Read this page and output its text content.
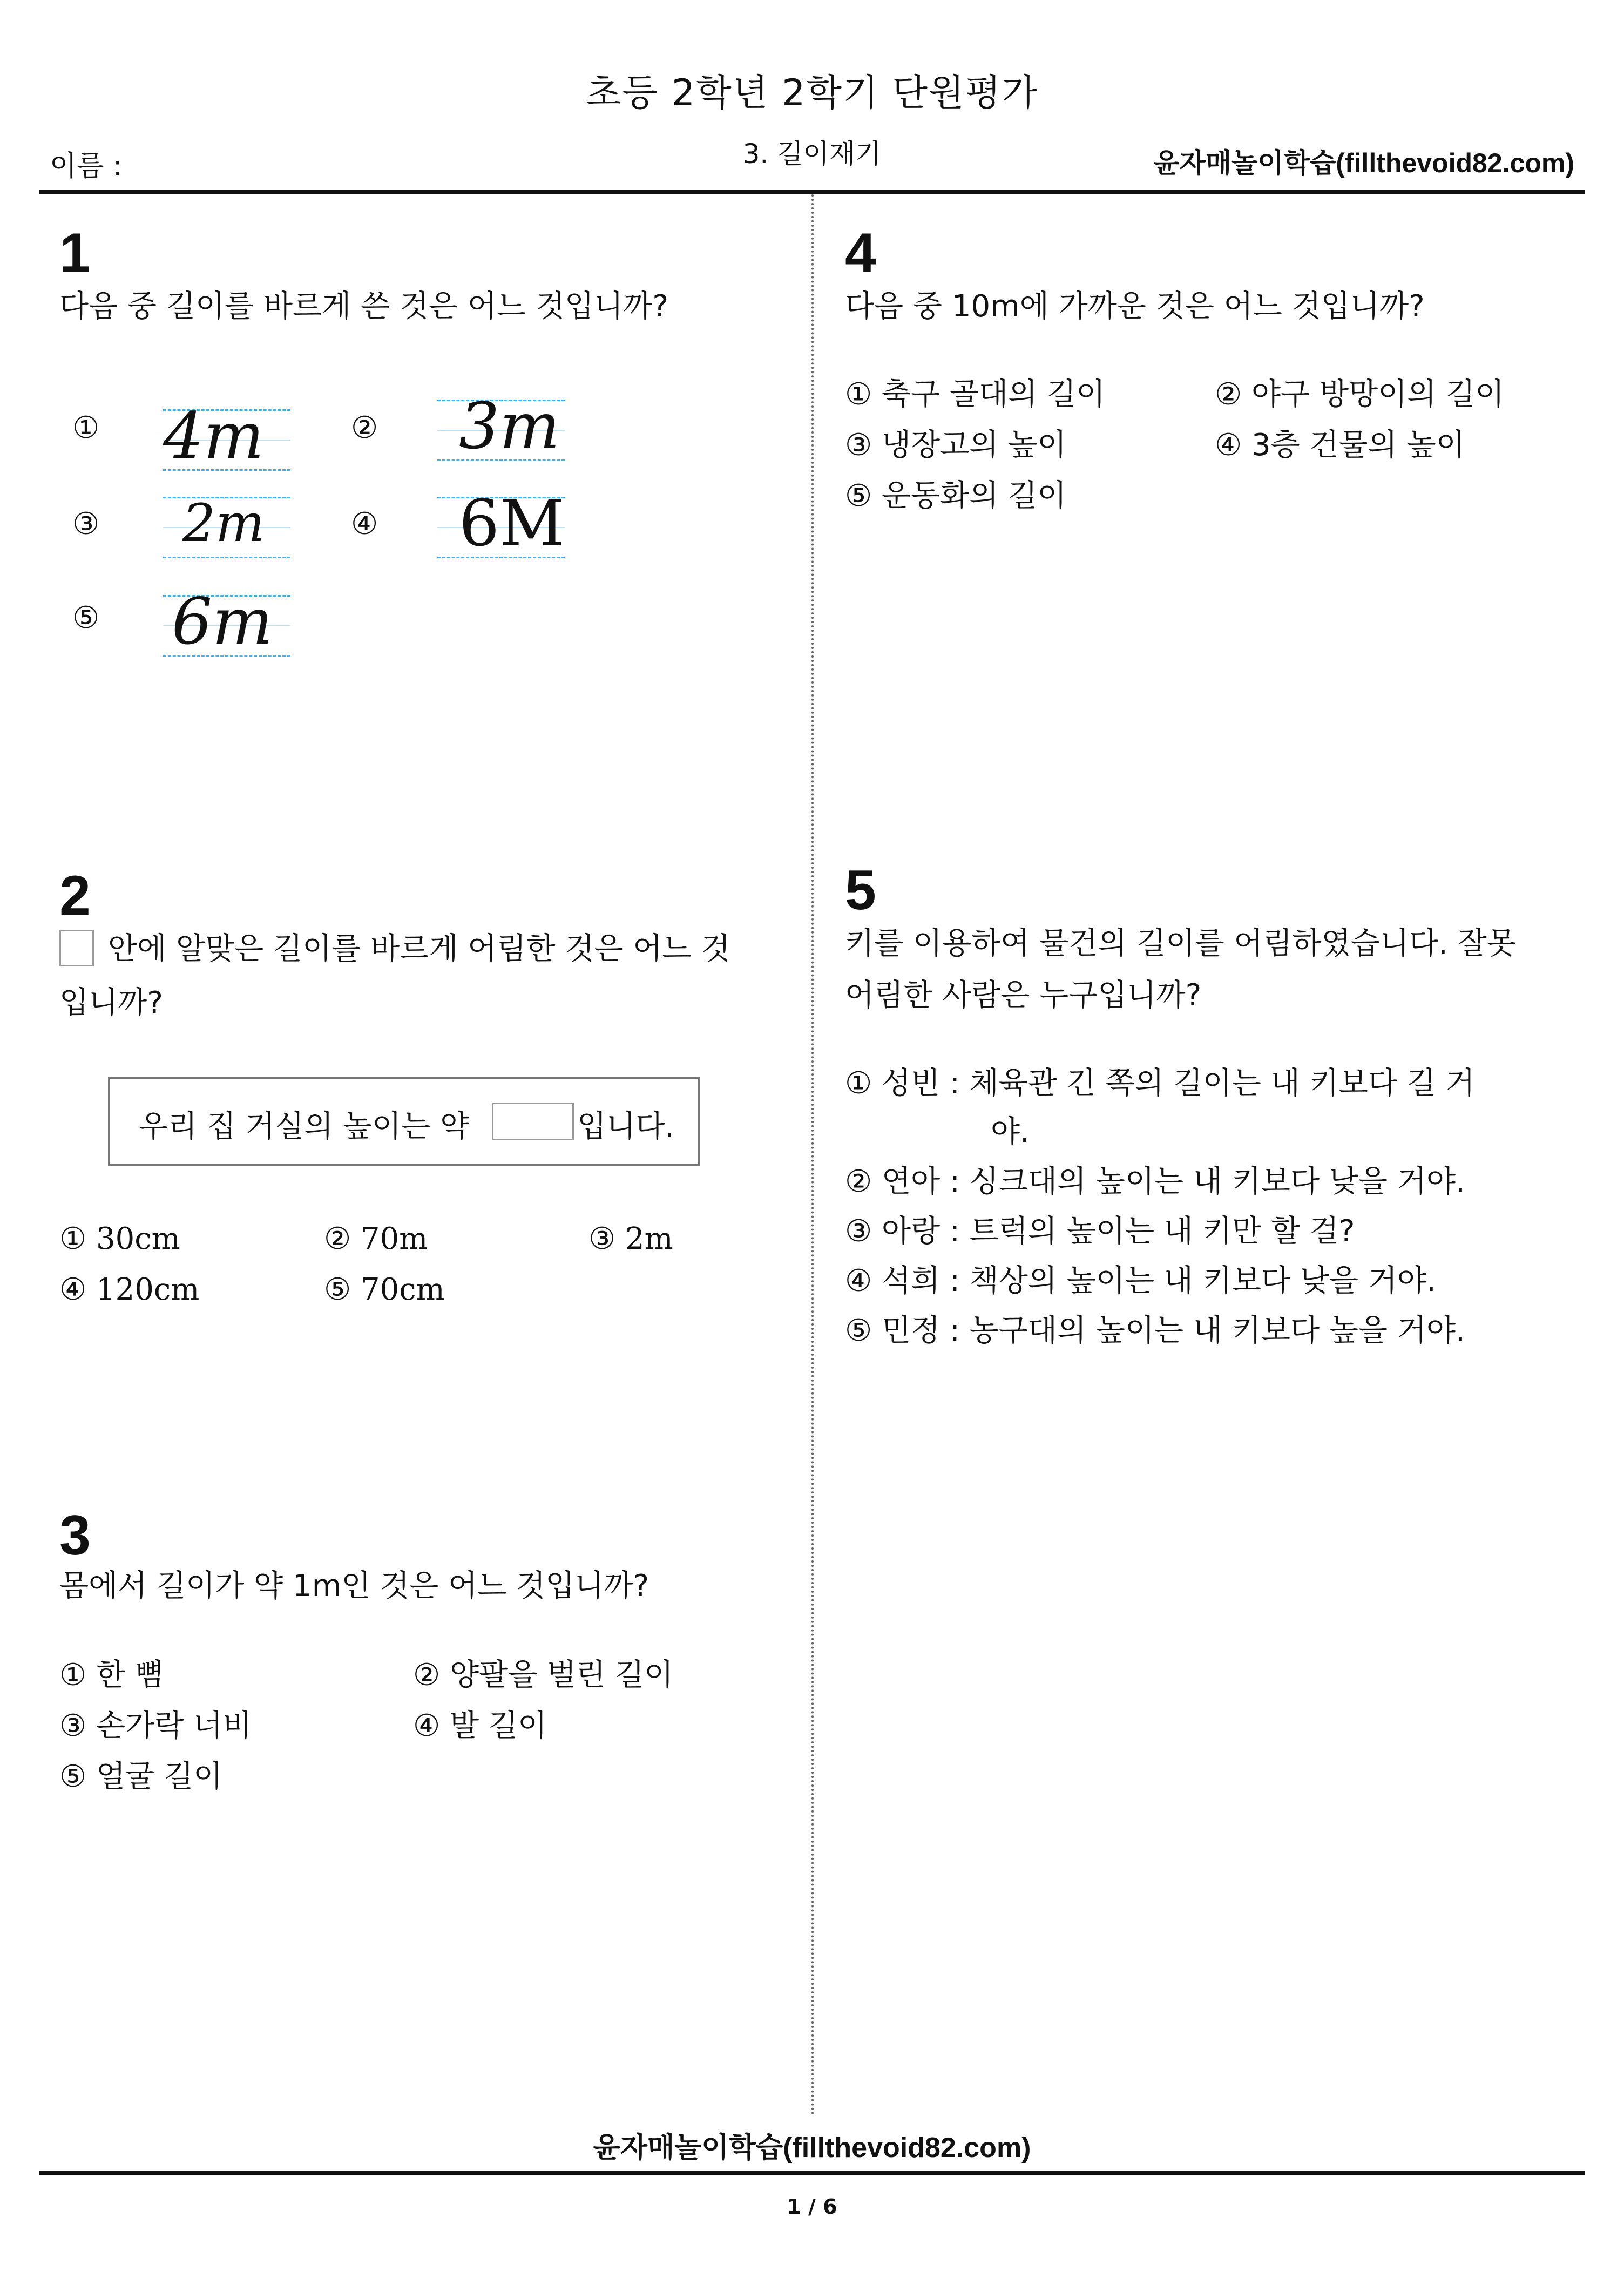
초등 2학년 2학기 단원평가
3. 길이재기
이름 :	윤자매놀이학습(fillthevoid82.com)
1
다음 중 길이를 바르게 쓴 것은 어느 것입니까?
① 4m	② 3m
③ 2m	④ 6M
⑤ 6m
2
안에 알맞은 길이를 바르게 어림한 것은 어느 것
입니까?
우리 집 거실의 높이는 약	입니다.
① 30cm	② 70m	③ 2m
④ 120cm	⑤ 70cm
3
몸에서 길이가 약 1m인 것은 어느 것입니까?
① 한 뼘	② 양팔을 벌린 길이
③ 손가락 너비	④ 발 길이
⑤ 얼굴 길이
4
다음 중 10m에 가까운 것은 어느 것입니까?
① 축구 골대의 길이	② 야구 방망이의 길이
③ 냉장고의 높이	④ 3층 건물의 높이
⑤ 운동화의 길이
5
키를 이용하여 물건의 길이를 어림하였습니다. 잘못
어림한 사람은 누구입니까?
① 성빈 : 체육관 긴 쪽의 길이는 내 키보다 길 거
야.
② 연아 : 싱크대의 높이는 내 키보다 낮을 거야.
③ 아랑 : 트럭의 높이는 내 키만 할 걸?
④ 석희 : 책상의 높이는 내 키보다 낮을 거야.
⑤ 민정 : 농구대의 높이는 내 키보다 높을 거야.
윤자매놀이학습(fillthevoid82.com)
1 / 6
